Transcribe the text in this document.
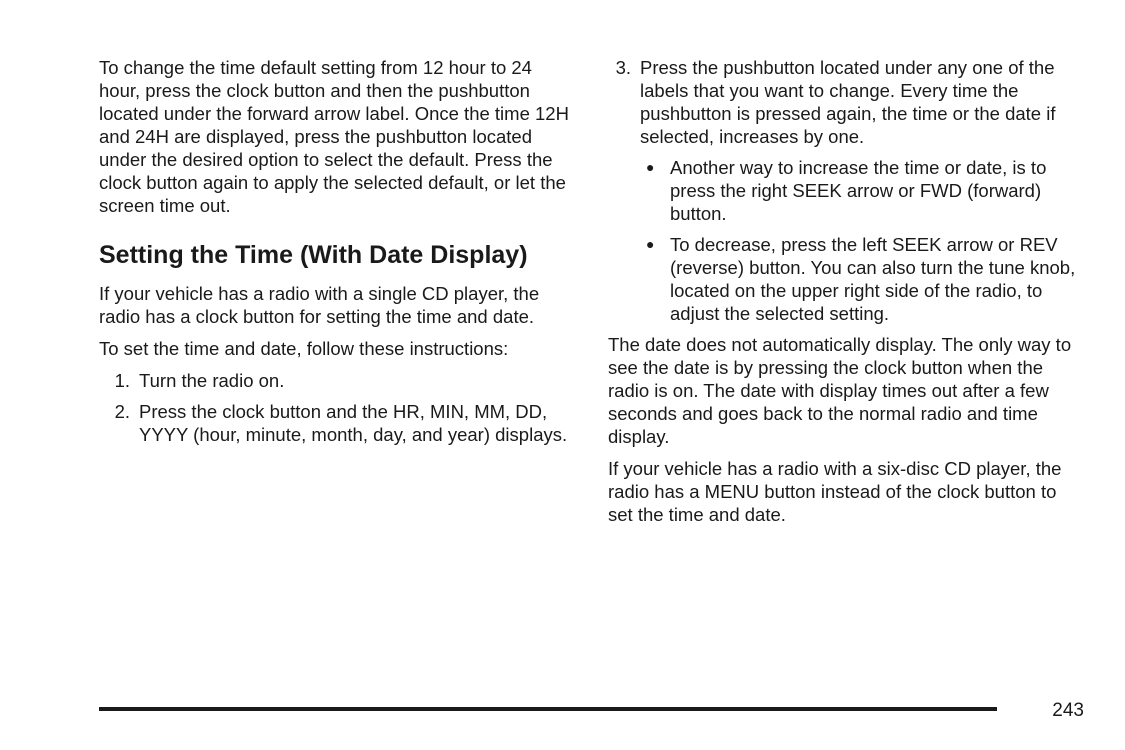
To change the time default setting from 12 hour to 24 hour, press the clock button and then the pushbutton located under the forward arrow label. Once the time 12H and 24H are displayed, press the pushbutton located under the desired option to select the default. Press the clock button again to apply the selected default, or let the screen time out.

Setting the Time (With Date Display)

If your vehicle has a radio with a single CD player, the radio has a clock button for setting the time and date.

To set the time and date, follow these instructions:

1. Turn the radio on.
2. Press the clock button and the HR, MIN, MM, DD, YYYY (hour, minute, month, day, and year) displays.
3. Press the pushbutton located under any one of the labels that you want to change. Every time the pushbutton is pressed again, the time or the date if selected, increases by one.
● Another way to increase the time or date, is to press the right SEEK arrow or FWD (forward) button.
● To decrease, press the left SEEK arrow or REV (reverse) button. You can also turn the tune knob, located on the upper right side of the radio, to adjust the selected setting.

The date does not automatically display. The only way to see the date is by pressing the clock button when the radio is on. The date with display times out after a few seconds and goes back to the normal radio and time display.

If your vehicle has a radio with a six-disc CD player, the radio has a MENU button instead of the clock button to set the time and date.

243
